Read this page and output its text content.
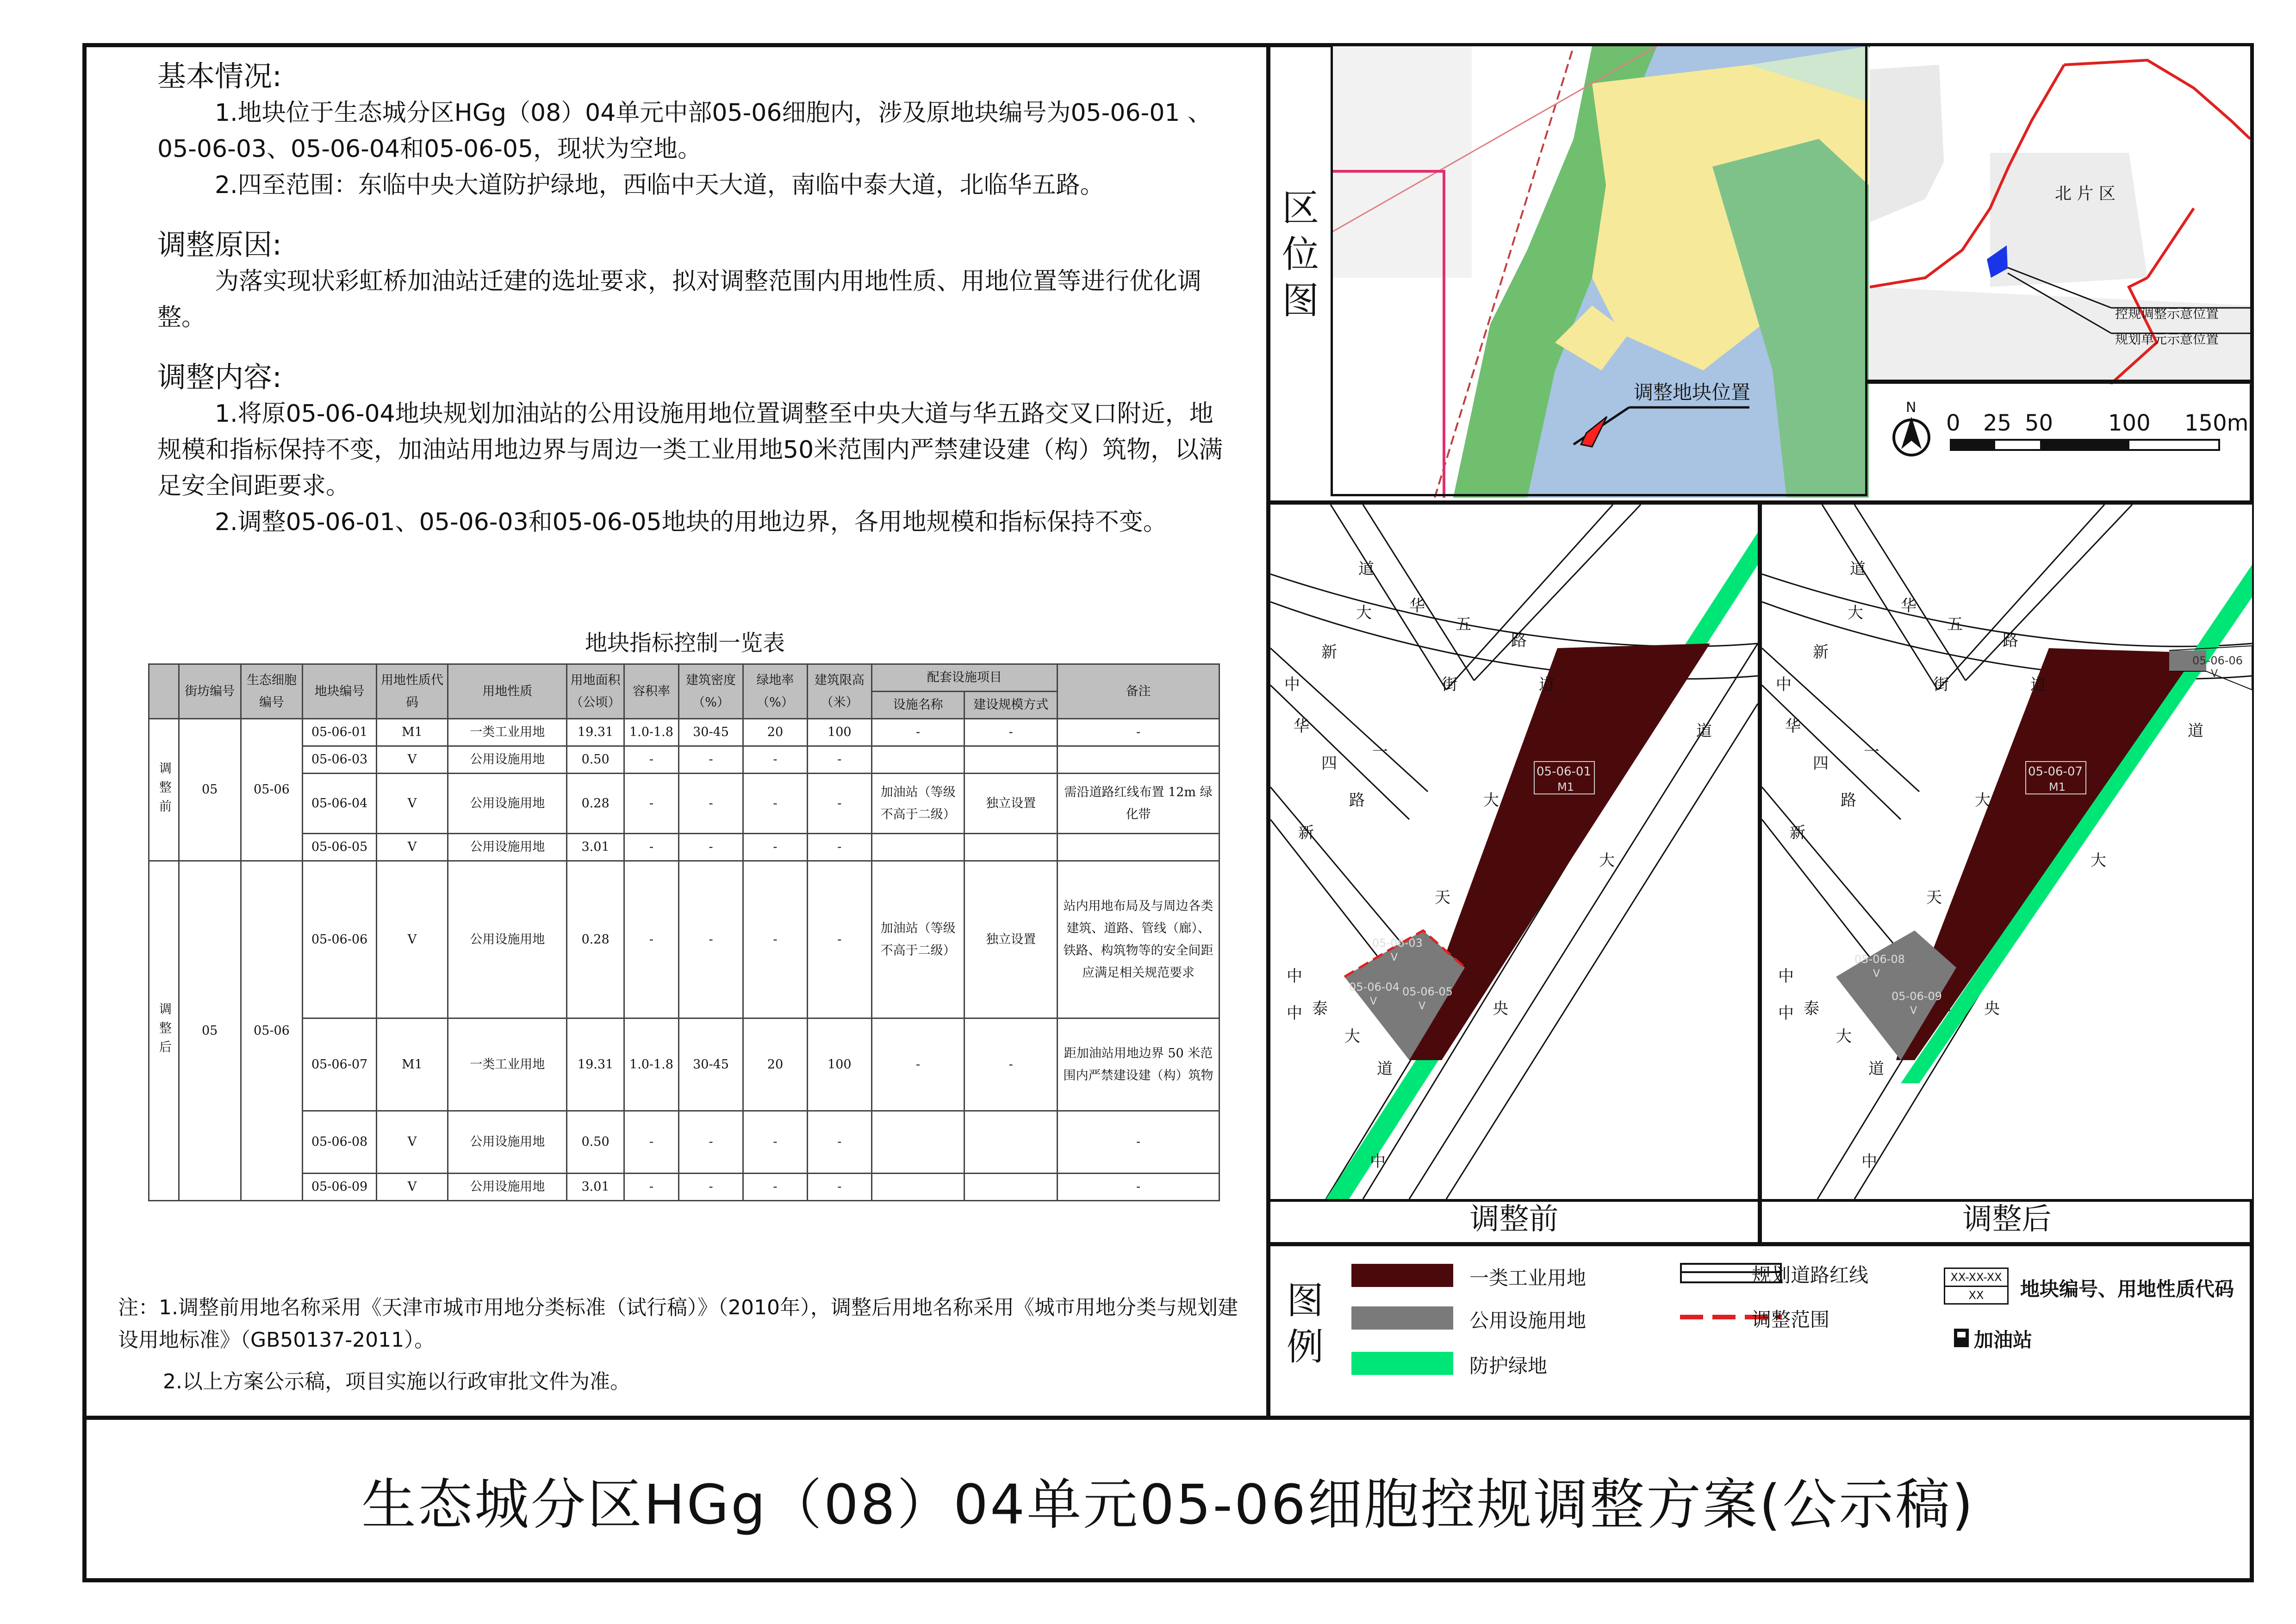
基本情况:
1.地块位于生态城分区HGg（08）04单元中部05-06细胞内，涉及原地块编号为05-06-01 、05-06-03、05-06-04和05-06-05，现状为空地。
2.四至范围：东临中央大道防护绿地，西临中天大道，南临中泰大道，北临华五路。
调整原因:
为落实现状彩虹桥加油站迁建的选址要求，拟对调整范围内用地性质、用地位置等进行优化调整。
调整内容:
1.将原05-06-04地块规划加油站的公用设施用地位置调整至中央大道与华五路交叉口附近，地规模和指标保持不变，加油站用地边界与周边一类工业用地50米范围内严禁建设建（构）筑物，以满足安全间距要求。
2.调整05-06-01、05-06-03和05-06-05地块的用地边界，各用地规模和指标保持不变。
地块指标控制一览表
	街坊编号	生态细胞编号	地块编号	用地性质代码	用地性质	用地面积（公顷）	容积率	建筑密度（%）	绿地率（%）	建筑限高（米）	配套设施项目		备注
											设施名称	建设规模方式	
调整前	05	05-06	05-06-01	M1	一类工业用地	19.31	1.0-1.8	30-45	20	100	-	-	-
			05-06-03	V	公用设施用地	0.50	-	-	-	-			
			05-06-04	V	公用设施用地	0.28	-	-	-	-	加油站（等级不高于二级）	独立设置	需沿道路红线布置 12m 绿化带
			05-06-05	V	公用设施用地	3.01	-	-	-	-			
调整后	05	05-06	05-06-06	V	公用设施用地	0.28	-	-	-	-	加油站（等级不高于二级）	独立设置	站内用地布局及与周边各类建筑、道路、管线（廊）、铁路、构筑物等的安全间距应满足相关规范要求
			05-06-07	M1	一类工业用地	19.31	1.0-1.8	30-45	20	100	-	-	距加油站用地边界 50 米范围内严禁建设建（构）筑物
			05-06-08	V	公用设施用地	0.50	-	-	-	-			-
			05-06-09	V	公用设施用地	3.01	-	-	-	-			-
注：1.调整前用地名称采用《天津市城市用地分类标准（试行稿）》（2010年），调整后用地名称采用《城市用地分类与规划建设用地标准》（GB50137-2011）。
2.以上方案公示稿，项目实施以行政审批文件为准。
区位图
调整地块位置
北 片 区
控规调整示意位置
规划单元示意位置
N
0 25 50 100 150m
05-06-01
M1
05-06-03
V
05-06-04
V
05-06-05
V
道
大 华
五
路
新
中
华
四
一
街	道
路
新
大
天
道
大
中
中 泰
大
道
央
中
05-06-07
M1
05-06-08
V
05-06-09
V
05-06-06
V
道
大 华
五
路
新
中
华
四
一
街	道
路
新
大
天
道
大
中
中 泰
大
道
央
中
调整前	调整后
图例
一类工业用地
公用设施用地
防护绿地
规划道路红线
调整范围
XX-XX-XX
XX	地块编号、用地性质代码
加油站
生态城分区HGg（08）04单元05-06细胞控规调整方案(公示稿)
